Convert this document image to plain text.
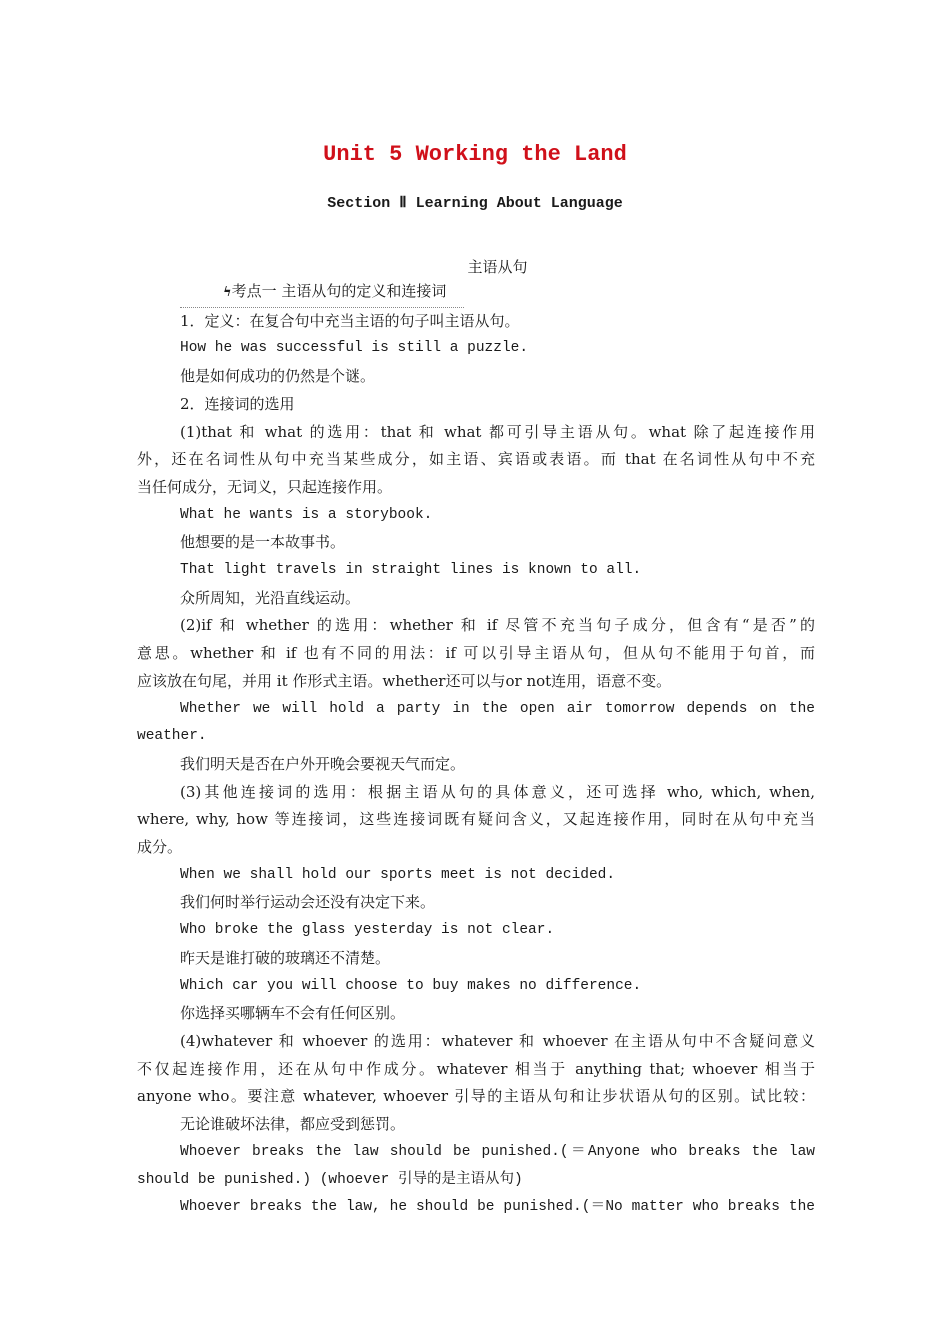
Unit 5 Working the Land
Section Ⅱ Learning About Language
主语从句

ϟ考点一 主语从句的定义和连接词

1．定义：在复合句中充当主语的句子叫主语从句。

How he was successful is still a puzzle.

他是如何成功的仍然是个谜。

2．连接词的选用

(1)that 和 what 的选用：that 和 what 都可引导主语从句。what 除了起连接作用

外，还在名词性从句中充当某些成分，如主语、宾语或表语。而 that 在名词性从句中不充

当任何成分，无词义，只起连接作用。

What he wants is a storybook.

他想要的是一本故事书。

That light travels in straight lines is known to all.

众所周知，光沿直线运动。

(2)if 和 whether 的选用：whether 和 if 尽管不充当句子成分，但含有“是否”的

意思。whether 和 if 也有不同的用法：if 可以引导主语从句，但从句不能用于句首，而

应该放在句尾，并用 it 作形式主语。whether还可以与or not连用，语意不变。

Whether we will hold a party in the open air tomorrow depends on the

weather.

我们明天是否在户外开晚会要视天气而定。

(3)其他连接词的选用：根据主语从句的具体意义，还可选择 who, which, when,

where, why, how 等连接词，这些连接词既有疑问含义，又起连接作用，同时在从句中充当

成分。

When we shall hold our sports meet is not decided.

我们何时举行运动会还没有决定下来。

Who broke the glass yesterday is not clear.

昨天是谁打破的玻璃还不清楚。

Which car you will choose to buy makes no difference.

你选择买哪辆车不会有任何区别。

(4)whatever 和 whoever 的选用：whatever 和 whoever 在主语从句中不含疑问意义

不仅起连接作用，还在从句中作成分。whatever 相当于 anything that; whoever 相当于

anyone who。要注意 whatever, whoever 引导的主语从句和让步状语从句的区别。试比较：

无论谁破坏法律，都应受到惩罚。

Whoever breaks the law should be punished.(＝Anyone who breaks the law

should be punished.) (whoever 引导的是主语从句)

Whoever breaks the law, he should be punished.(＝No matter who breaks the
